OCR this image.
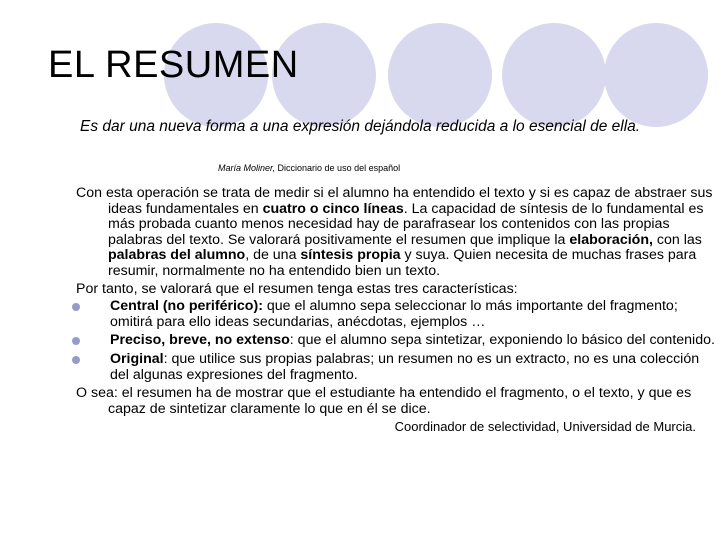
EL RESUMEN
Es dar una nueva forma a una expresión dejándola reducida a lo esencial de ella.
María Moliner, Diccionario de uso del español

Con esta operación se trata de medir si el alumno ha entendido el texto y si es capaz de abstraer sus ideas fundamentales en cuatro o cinco líneas. La capacidad de síntesis de lo fundamental es más probada cuanto menos necesidad hay de parafrasear los contenidos con las propias palabras del texto. Se valorará positivamente el resumen que implique la elaboración, con las palabras del alumno, de una síntesis propia y suya. Quien necesita de muchas frases para resumir, normalmente no ha entendido bien un texto.

Por tanto, se valorará que el resumen tenga estas tres características:

Central (no periférico): que el alumno sepa seleccionar lo más importante del fragmento; omitirá para ello ideas secundarias, anécdotas, ejemplos …
Preciso, breve, no extenso: que el alumno sepa sintetizar, exponiendo lo básico del contenido.
Original: que utilice sus propias palabras; un resumen no es un extracto, no es una colección del algunas expresiones del fragmento.

O sea: el resumen ha de mostrar que el estudiante ha entendido el fragmento, o el texto, y que es capaz de sintetizar claramente lo que en él se dice.

Coordinador de selectividad, Universidad de Murcia.
